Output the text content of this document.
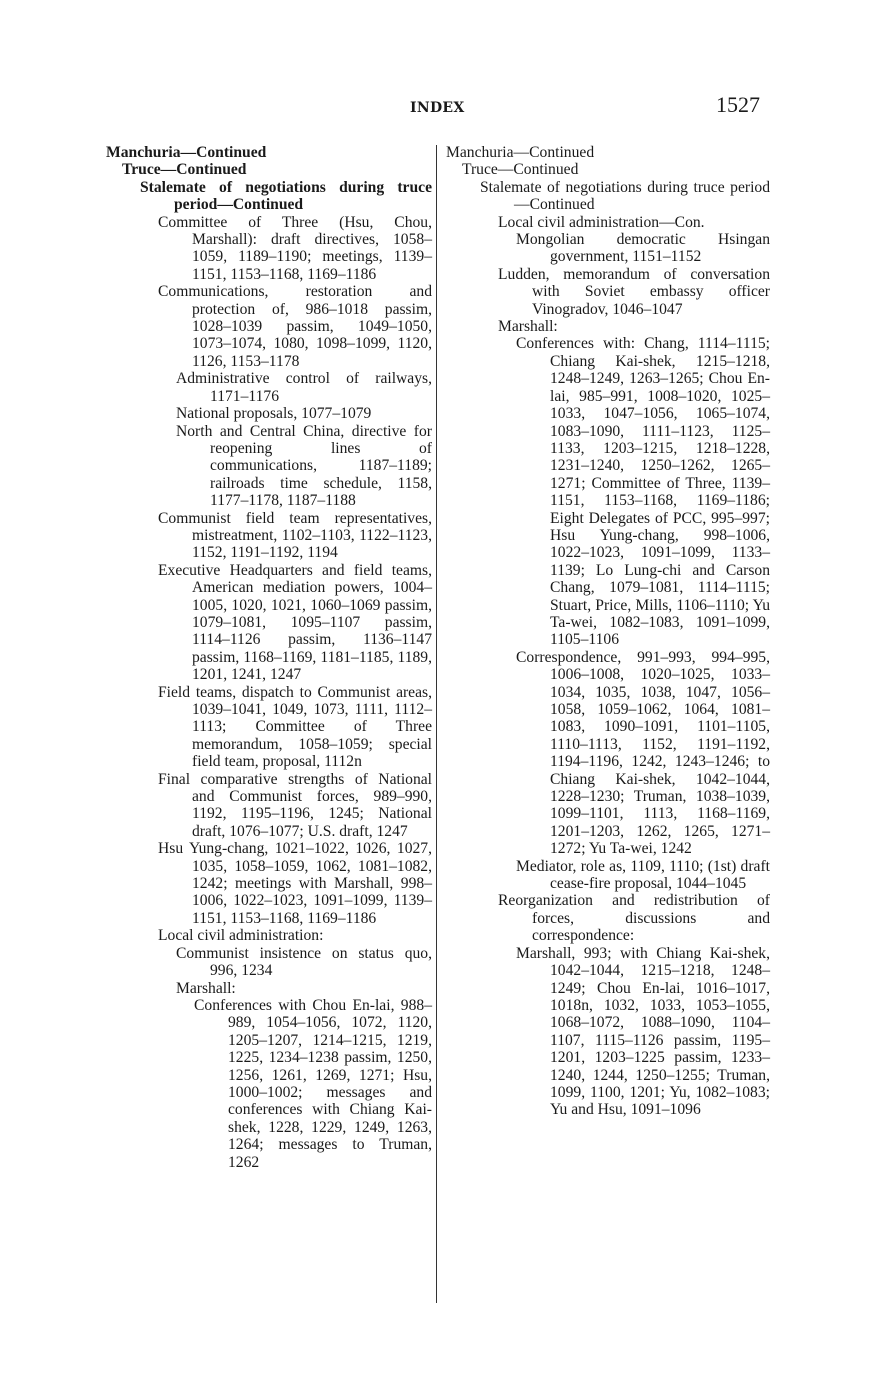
INDEX	1527
Manchuria—Continued
Truce—Continued
Stalemate of negotiations during truce period—Continued
Committee of Three (Hsu, Chou, Marshall): draft directives, 1058–1059, 1189–1190; meetings, 1139–1151, 1153–1168, 1169–1186
Communications, restoration and protection of, 986–1018 passim, 1028–1039 passim, 1049–1050, 1073–1074, 1080, 1098–1099, 1120, 1126, 1153–1178
Administrative control of railways, 1171–1176
National proposals, 1077–1079
North and Central China, directive for reopening lines of communications, 1187–1189; railroads time schedule, 1158, 1177–1178, 1187–1188
Communist field team representatives, mistreatment, 1102–1103, 1122–1123, 1152, 1191–1192, 1194
Executive Headquarters and field teams, American mediation powers, 1004–1005, 1020, 1021, 1060–1069 passim, 1079–1081, 1095–1107 passim, 1114–1126 passim, 1136–1147 passim, 1168–1169, 1181–1185, 1189, 1201, 1241, 1247
Field teams, dispatch to Communist areas, 1039–1041, 1049, 1073, 1111, 1112–1113; Committee of Three memorandum, 1058–1059; special field team, proposal, 1112n
Final comparative strengths of National and Communist forces, 989–990, 1192, 1195–1196, 1245; National draft, 1076–1077; U.S. draft, 1247
Hsu Yung-chang, 1021–1022, 1026, 1027, 1035, 1058–1059, 1062, 1081–1082, 1242; meetings with Marshall, 998–1006, 1022–1023, 1091–1099, 1139–1151, 1153–1168, 1169–1186
Local civil administration:
Communist insistence on status quo, 996, 1234
Marshall:
Conferences with Chou En-lai, 988–989, 1054–1056, 1072, 1120, 1205–1207, 1214–1215, 1219, 1225, 1234–1238 passim, 1250, 1256, 1261, 1269, 1271; Hsu, 1000–1002; messages and conferences with Chiang Kai-shek, 1228, 1229, 1249, 1263, 1264; messages to Truman, 1262
Manchuria—Continued
Truce—Continued
Stalemate of negotiations during truce period—Continued
Local civil administration—Con.
Mongolian democratic Hsingan government, 1151–1152
Ludden, memorandum of conversation with Soviet embassy officer Vinogradov, 1046–1047
Marshall:
Conferences with: Chang, 1114–1115; Chiang Kai-shek, 1215–1218, 1248–1249, 1263–1265; Chou En-lai, 985–991, 1008–1020, 1025–1033, 1047–1056, 1065–1074, 1083–1090, 1111–1123, 1125–1133, 1203–1215, 1218–1228, 1231–1240, 1250–1262, 1265–1271; Committee of Three, 1139–1151, 1153–1168, 1169–1186; Eight Delegates of PCC, 995–997; Hsu Yung-chang, 998–1006, 1022–1023, 1091–1099, 1133–1139; Lo Lung-chi and Carson Chang, 1079–1081, 1114–1115; Stuart, Price, Mills, 1106–1110; Yu Ta-wei, 1082–1083, 1091–1099, 1105–1106
Correspondence, 991–993, 994–995, 1006–1008, 1020–1025, 1033–1034, 1035, 1038, 1047, 1056–1058, 1059–1062, 1064, 1081–1083, 1090–1091, 1101–1105, 1110–1113, 1152, 1191–1192, 1194–1196, 1242, 1243–1246; to Chiang Kai-shek, 1042–1044, 1228–1230; Truman, 1038–1039, 1099–1101, 1113, 1168–1169, 1201–1203, 1262, 1265, 1271–1272; Yu Ta-wei, 1242
Mediator, role as, 1109, 1110; (1st) draft cease-fire proposal, 1044–1045
Reorganization and redistribution of forces, discussions and correspondence:
Marshall, 993; with Chiang Kai-shek, 1042–1044, 1215–1218, 1248–1249; Chou En-lai, 1016–1017, 1018n, 1032, 1033, 1053–1055, 1068–1072, 1088–1090, 1104–1107, 1115–1126 passim, 1195–1201, 1203–1225 passim, 1233–1240, 1244, 1250–1255; Truman, 1099, 1100, 1201; Yu, 1082–1083; Yu and Hsu, 1091–1096
